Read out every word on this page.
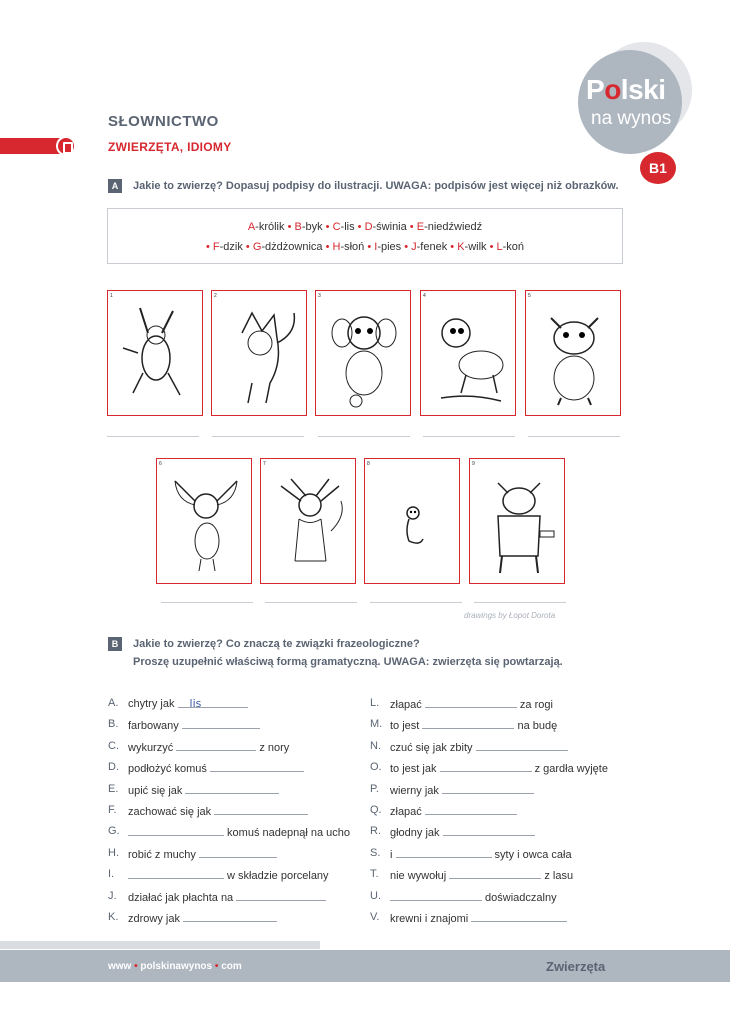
Polski
na wynos
B1
SŁOWNICTWO
ZWIERZĘTA, IDIOMY
A	Jakie to zwierzę? Dopasuj podpisy do ilustracji. UWAGA: podpisów jest więcej niż obrazków.
A-królik • B-byk • C-lis • D-świnia • E-niedźwiedź
• F-dzik • G-dżdżownica • H-słoń • I-pies • J-fenek • K-wilk • L-koń
1	2	3	4	5
6	7	8	9
drawings by Łopot Dorota
B	Jakie to zwierzę? Co znaczą te związki frazeologiczne?
Proszę uzupełnić właściwą formą gramatyczną. UWAGA: zwierzęta się powtarzają.
A. chytry jak lis
B. farbowany
C. wykurzyć	z nory
D. podłożyć komuś
E. upić się jak
F. zachować się jak
G.	komuś nadepnął na ucho
H. robić z muchy
I.	w składzie porcelany
J. działać jak płachta na
K. zdrowy jak
L. złapać	za rogi
M. to jest	na budę
N. czuć się jak zbity
O. to jest jak	z gardła wyjęte
P. wierny jak
Q. złapać
R. głodny jak
S. i	syty i owca cała
T. nie wywołuj	z lasu
U.	doświadczalny
V. krewni i znajomi
www • polskinawynos • com	Zwierzęta
